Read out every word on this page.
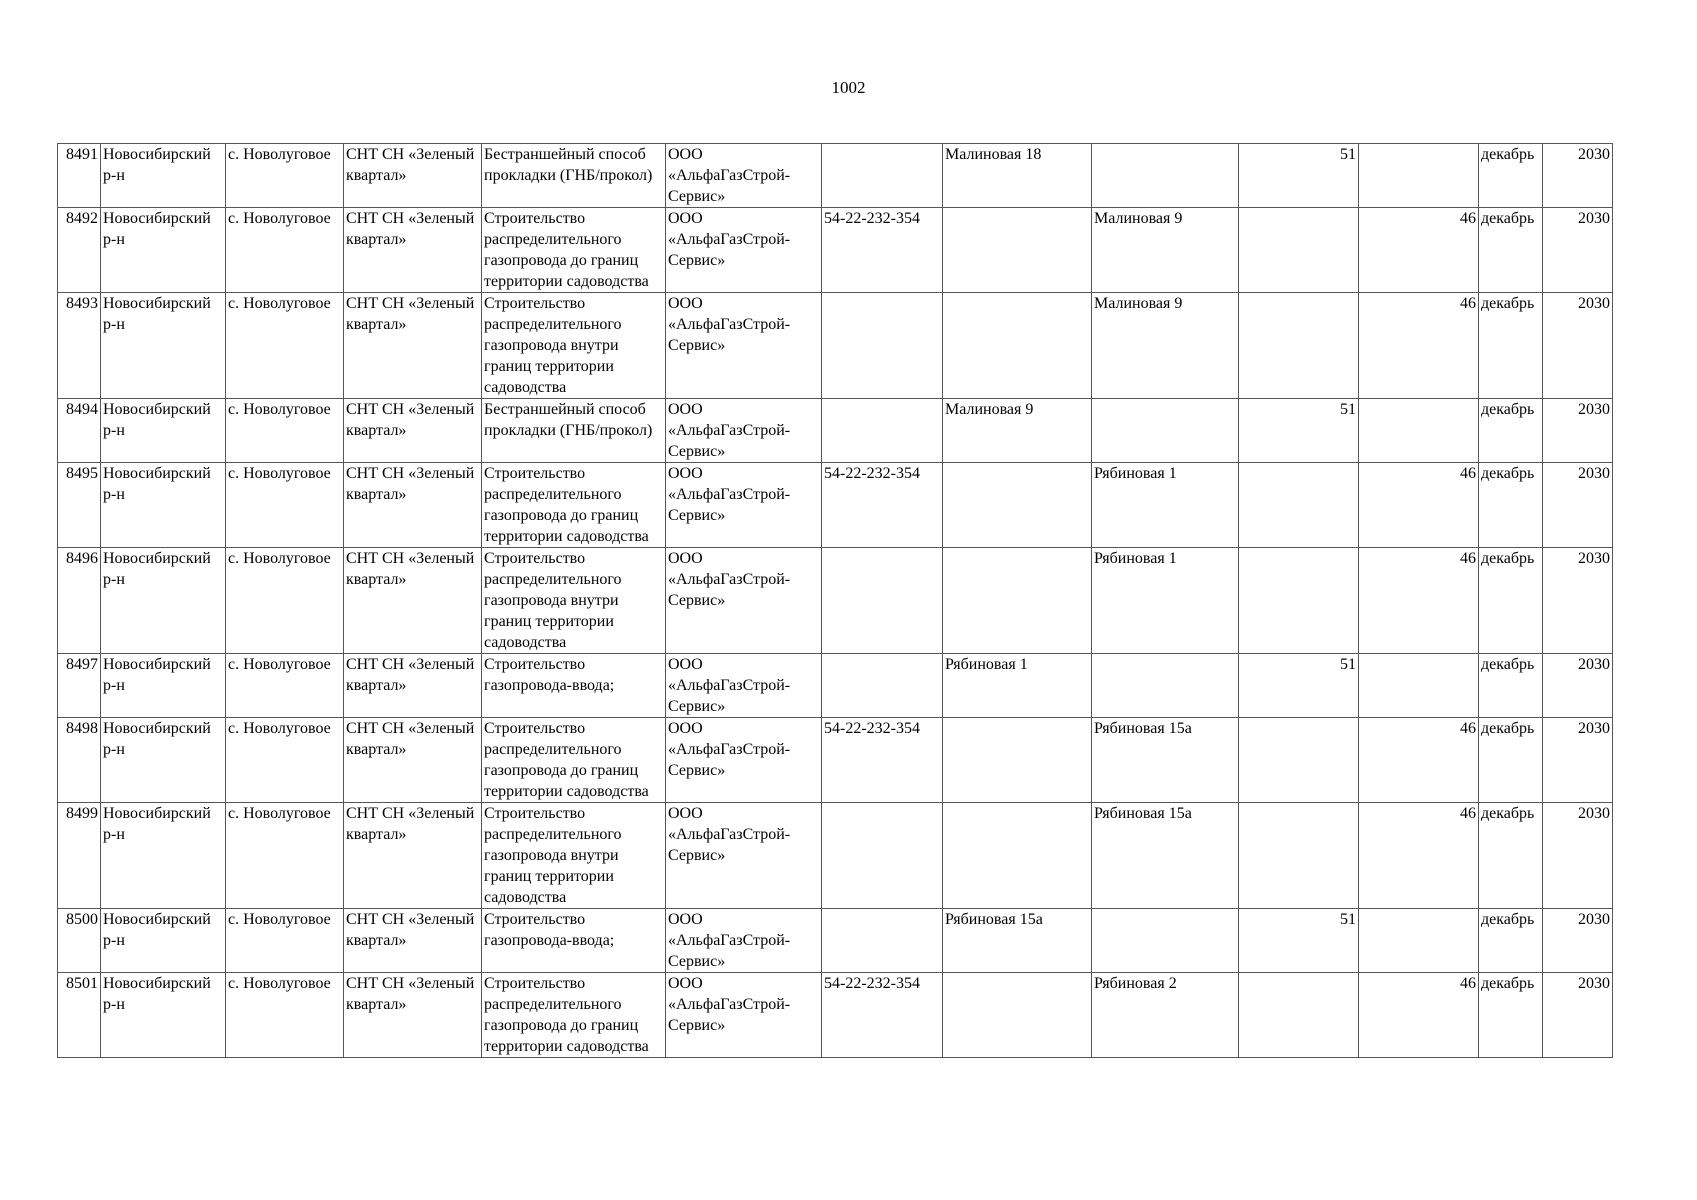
1002
8491	Новосибирский р-н	с. Новолуговое	СНТ СН «Зеленый квартал»	Бестраншейный способ прокладки (ГНБ/прокол)	ООО «АльфаГазСтрой-Сервис»		Малиновая 18		51		декабрь	2030
8492	Новосибирский р-н	с. Новолуговое	СНТ СН «Зеленый квартал»	Строительство распределительного газопровода до границ территории садоводства	ООО «АльфаГазСтрой-Сервис»	54-22-232-354		Малиновая 9		46	декабрь	2030
8493	Новосибирский р-н	с. Новолуговое	СНТ СН «Зеленый квартал»	Строительство распределительного газопровода внутри границ территории садоводства	ООО «АльфаГазСтрой-Сервис»			Малиновая 9		46	декабрь	2030
8494	Новосибирский р-н	с. Новолуговое	СНТ СН «Зеленый квартал»	Бестраншейный способ прокладки (ГНБ/прокол)	ООО «АльфаГазСтрой-Сервис»		Малиновая 9		51		декабрь	2030
8495	Новосибирский р-н	с. Новолуговое	СНТ СН «Зеленый квартал»	Строительство распределительного газопровода до границ территории садоводства	ООО «АльфаГазСтрой-Сервис»	54-22-232-354		Рябиновая 1		46	декабрь	2030
8496	Новосибирский р-н	с. Новолуговое	СНТ СН «Зеленый квартал»	Строительство распределительного газопровода внутри границ территории садоводства	ООО «АльфаГазСтрой-Сервис»			Рябиновая 1		46	декабрь	2030
8497	Новосибирский р-н	с. Новолуговое	СНТ СН «Зеленый квартал»	Строительство газопровода-ввода;	ООО «АльфаГазСтрой-Сервис»		Рябиновая 1		51		декабрь	2030
8498	Новосибирский р-н	с. Новолуговое	СНТ СН «Зеленый квартал»	Строительство распределительного газопровода до границ территории садоводства	ООО «АльфаГазСтрой-Сервис»	54-22-232-354		Рябиновая 15а		46	декабрь	2030
8499	Новосибирский р-н	с. Новолуговое	СНТ СН «Зеленый квартал»	Строительство распределительного газопровода внутри границ территории садоводства	ООО «АльфаГазСтрой-Сервис»			Рябиновая 15а		46	декабрь	2030
8500	Новосибирский р-н	с. Новолуговое	СНТ СН «Зеленый квартал»	Строительство газопровода-ввода;	ООО «АльфаГазСтрой-Сервис»		Рябиновая 15а		51		декабрь	2030
8501	Новосибирский р-н	с. Новолуговое	СНТ СН «Зеленый квартал»	Строительство распределительного газопровода до границ территории садоводства	ООО «АльфаГазСтрой-Сервис»	54-22-232-354		Рябиновая 2		46	декабрь	2030
